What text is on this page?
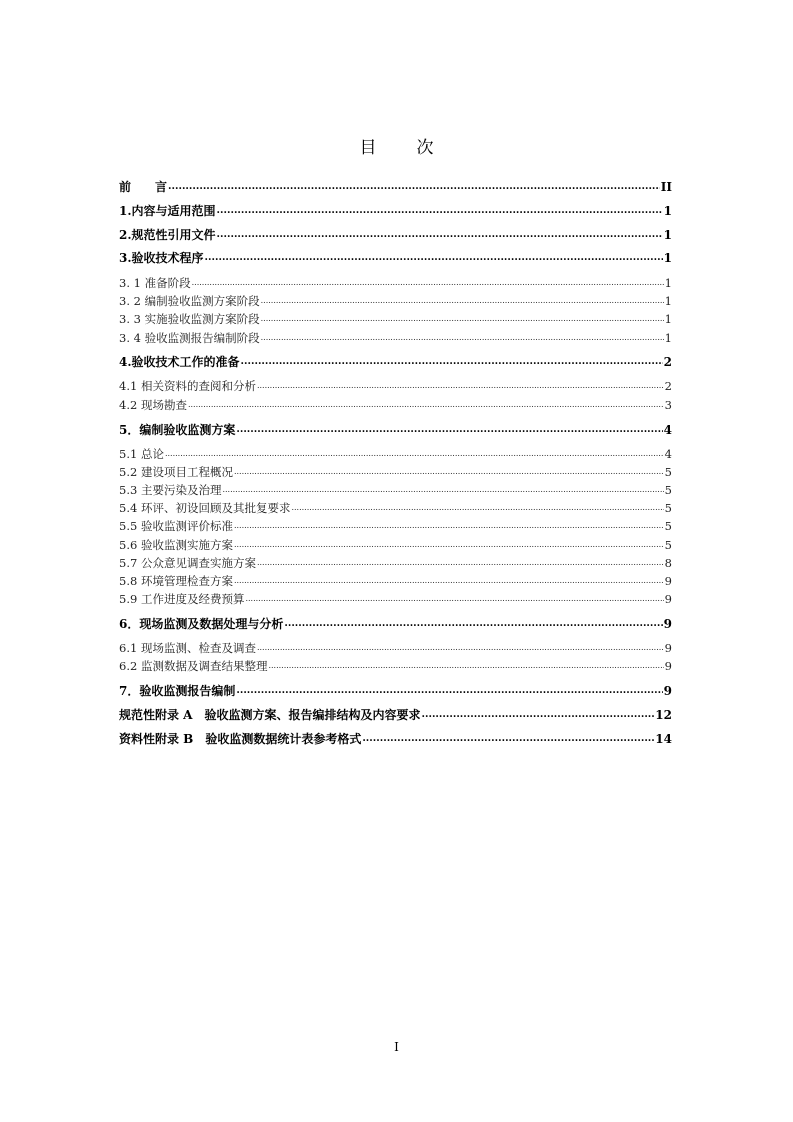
目 次
前　　言 .....	II
1.内容与适用范围 .....	1
2.规范性引用文件 .....	1
3.验收技术程序 .....	1
3. 1 准备阶段 .....	1
3. 2 编制验收监测方案阶段 .....	1
3. 3 实施验收监测方案阶段 .....	1
3. 4 验收监测报告编制阶段 .....	1
4.验收技术工作的准备 .....	2
4.1 相关资料的查阅和分析 .....	2
4.2 现场勘查 .....	3
5．编制验收监测方案 .....	4
5.1 总论 .....	4
5.2 建设项目工程概况 .....	5
5.3 主要污染及治理 .....	5
5.4 环评、初设回顾及其批复要求 .....	5
5.5 验收监测评价标准 .....	5
5.6 验收监测实施方案 .....	5
5.7 公众意见调查实施方案 .....	8
5.8 环境管理检查方案 .....	9
5.9 工作进度及经费预算 .....	9
6．现场监测及数据处理与分析 .....	9
6.1 现场监测、检查及调查 .....	9
6.2 监测数据及调查结果整理 .....	9
7．验收监测报告编制 .....	9
规范性附录 A　验收监测方案、报告编排结构及内容要求 .....	12
资料性附录 B　验收监测数据统计表参考格式 .....	14
I
